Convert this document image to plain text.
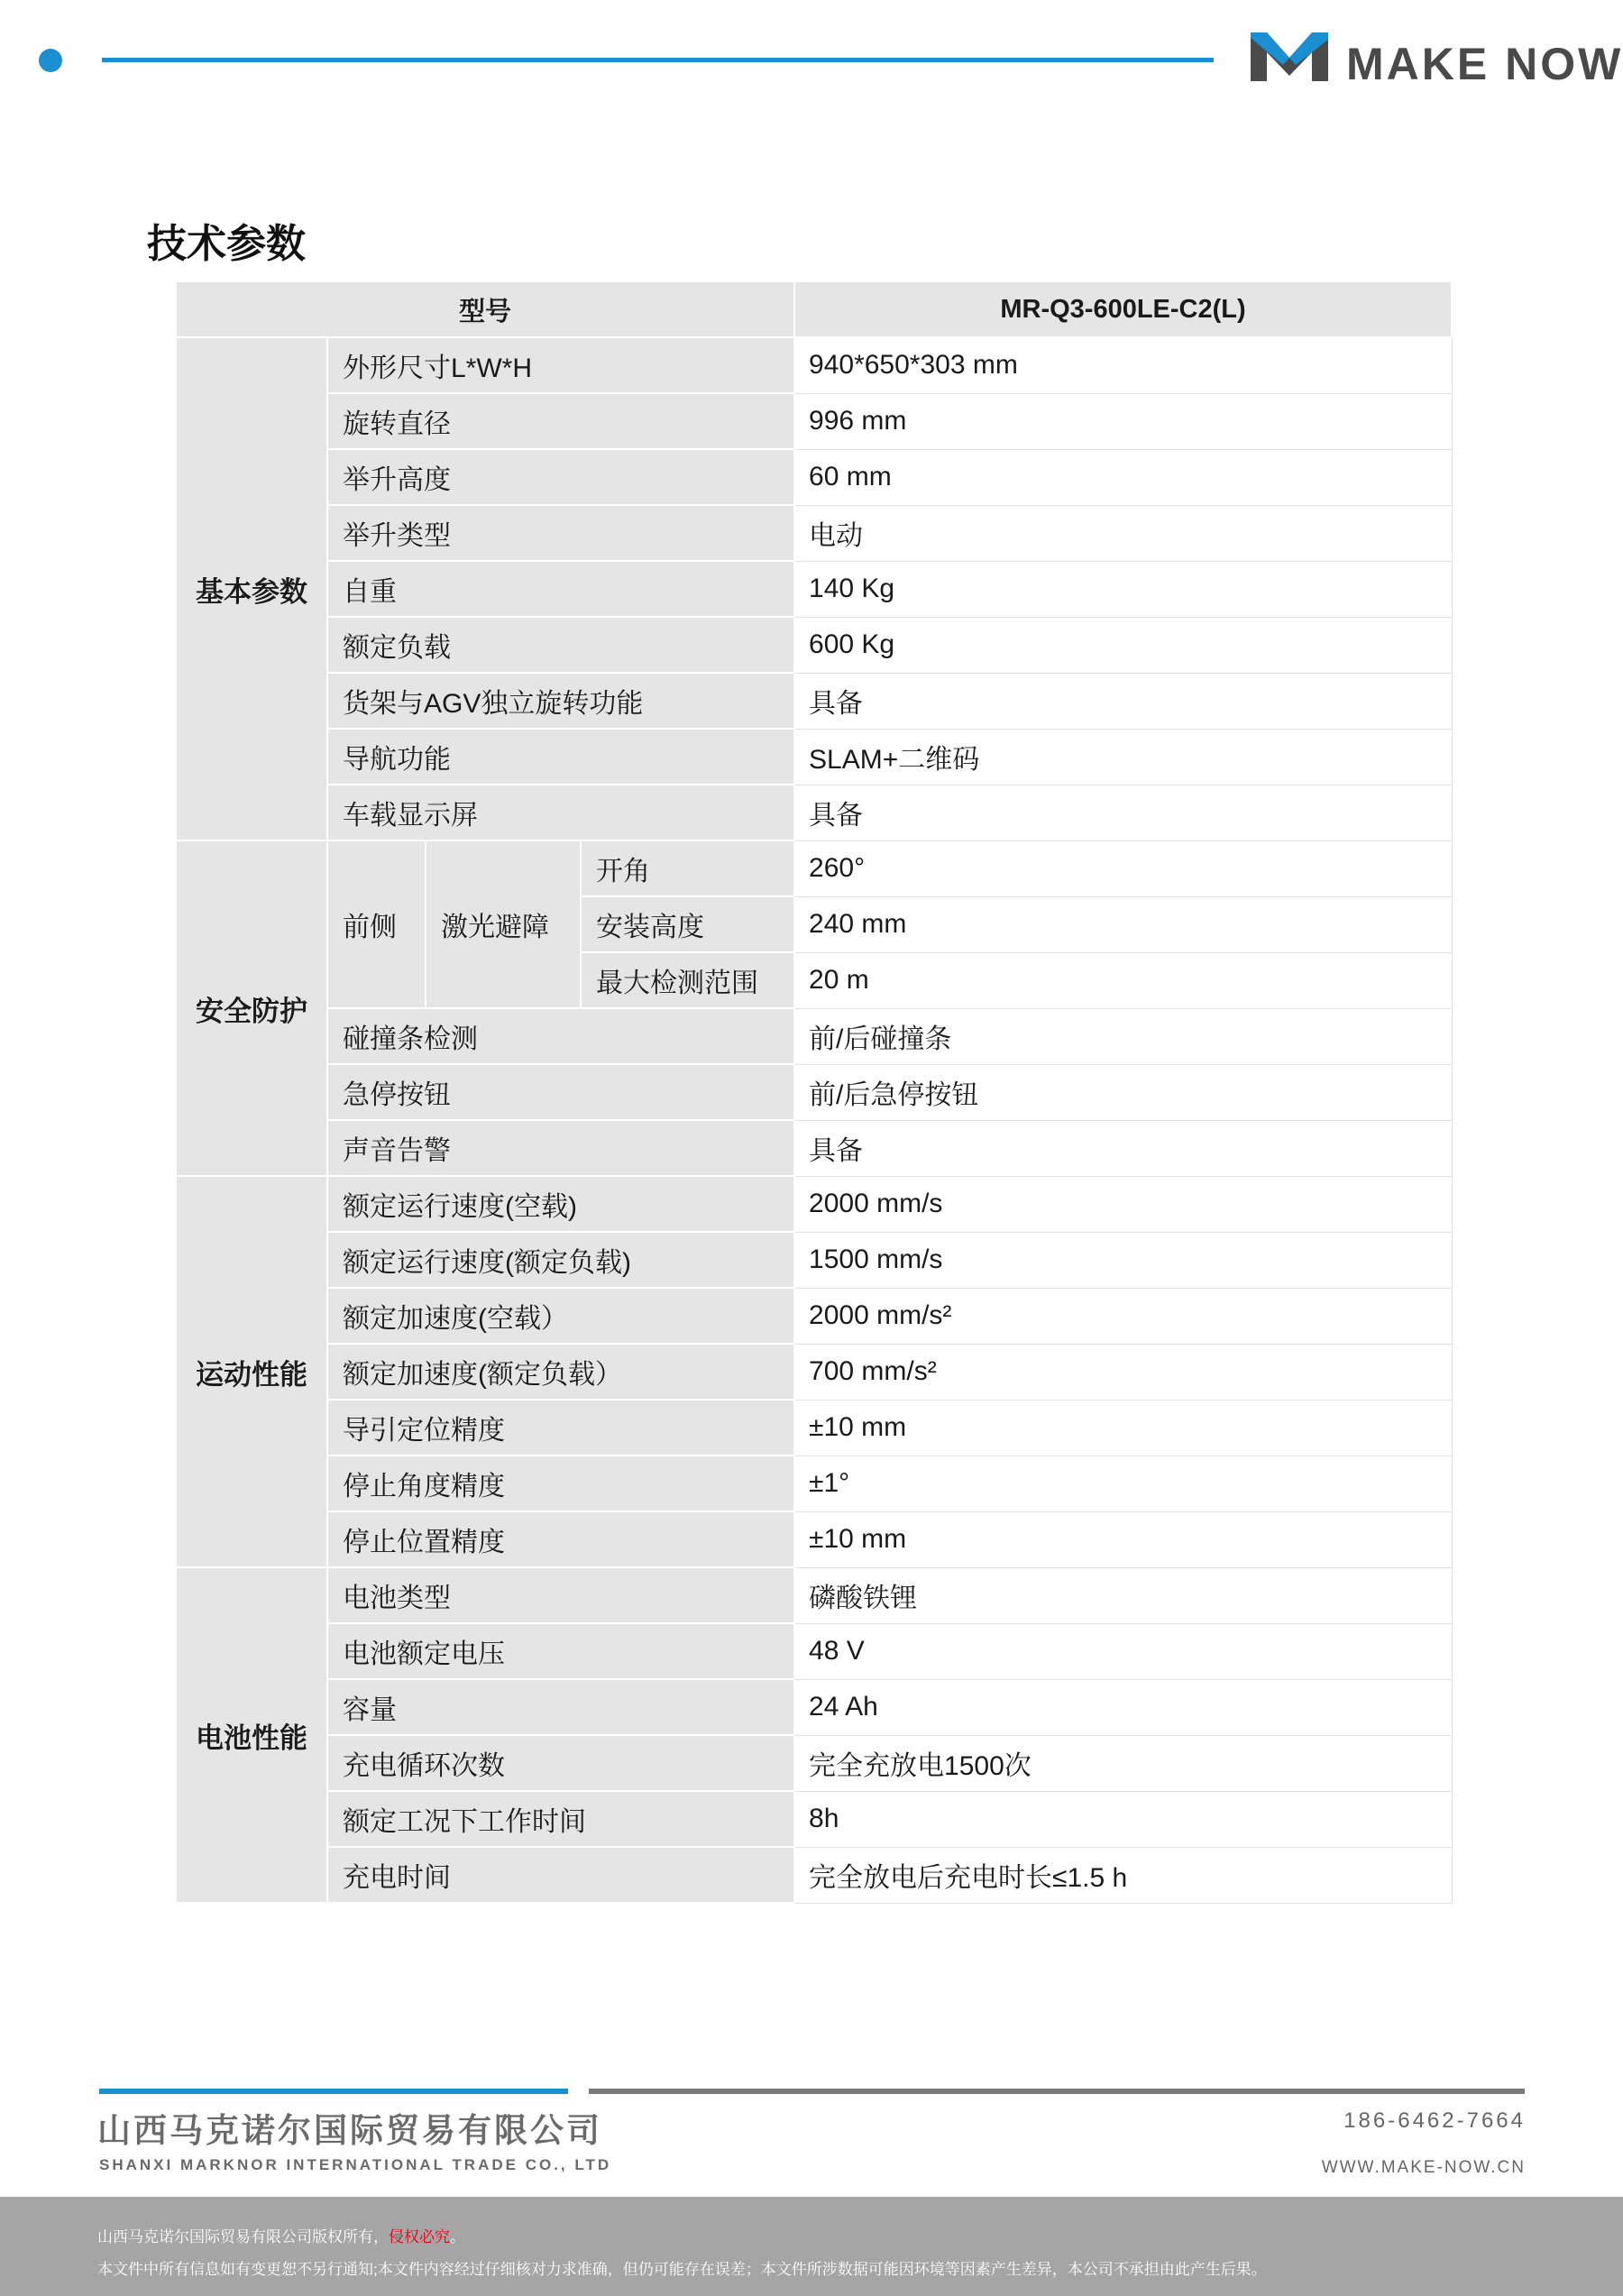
MAKE NOW
技术参数
型号				MR-Q3-600LE-C2(L)
基本参数	外形尺寸L*W*H			940*650*303 mm
	旋转直径			996 mm
	举升高度			60 mm
	举升类型			电动
	自重			140 Kg
	额定负载			600 Kg
	货架与AGV独立旋转功能			具备
	导航功能			SLAM+二维码
	车载显示屏			具备
安全防护	前侧	激光避障	开角	260°
			安装高度	240 mm
			最大检测范围	20 m
	碰撞条检测			前/后碰撞条
	急停按钮			前/后急停按钮
	声音告警			具备
运动性能	额定运行速度(空载)			2000 mm/s
	额定运行速度(额定负载)			1500 mm/s
	额定加速度(空载）			2000 mm/s²
	额定加速度(额定负载）			700 mm/s²
	导引定位精度			±10 mm
	停止角度精度			±1°
	停止位置精度			±10 mm
电池性能	电池类型			磷酸铁锂
	电池额定电压			48 V
	容量			24 Ah
	充电循环次数			完全充放电1500次
	额定工况下工作时间			8h
	充电时间			完全放电后充电时长≤1.5 h
山西马克诺尔国际贸易有限公司
SHANXI MARKNOR INTERNATIONAL TRADE CO., LTD
186-6462-7664
WWW.MAKE-NOW.CN
山西马克诺尔国际贸易有限公司版权所有，侵权必究。
本文件中所有信息如有变更恕不另行通知;本文件内容经过仔细核对力求准确，但仍可能存在误差；本文件所涉数据可能因环境等因素产生差异，本公司不承担由此产生后果。
